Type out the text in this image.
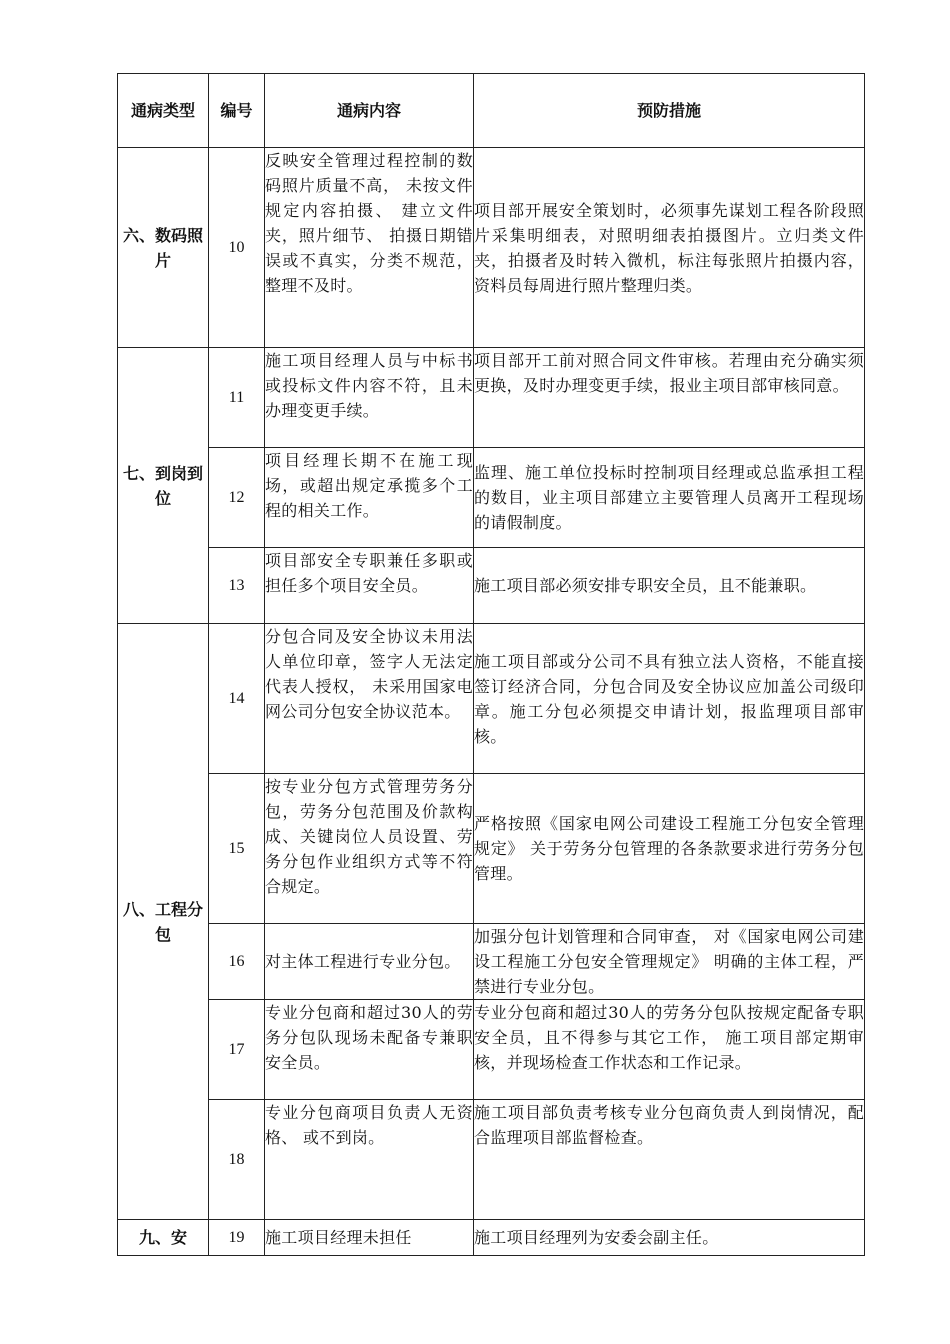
通病类型	编号	通病内容	预防措施
六、数码照片	10	反映安全管理过程控制的数码照片质量不高， 未按文件规定内容拍摄、 建立文件夹，照片细节、 拍摄日期错误或不真实，分类不规范， 整理不及时。	项目部开展安全策划时，必须事先谋划工程各阶段照片采集明细表，对照明细表拍摄图片。立归类文件夹，拍摄者及时转入微机，标注每张照片拍摄内容，资料员每周进行照片整理归类。
七、到岗到位	11	施工项目经理人员与中标书或投标文件内容不符，且未办理变更手续。	项目部开工前对照合同文件审核。若理由充分确实须更换，及时办理变更手续，报业主项目部审核同意。
	12	项目经理长期不在施工现场，或超出规定承揽多个工程的相关工作。	监理、施工单位投标时控制项目经理或总监承担工程的数目，业主项目部建立主要管理人员离开工程现场的请假制度。
	13	项目部安全专职兼任多职或担任多个项目安全员。	施工项目部必须安排专职安全员，且不能兼职。
八、工程分包	14	分包合同及安全协议未用法人单位印章，签字人无法定代表人授权， 未采用国家电网公司分包安全协议范本。	施工项目部或分公司不具有独立法人资格，不能直接签订经济合同，分包合同及安全协议应加盖公司级印章。施工分包必须提交申请计划，报监理项目部审核。
	15	按专业分包方式管理劳务分包，劳务分包范围及价款构成、关键岗位人员设置、劳务分包作业组织方式等不符合规定。	严格按照《国家电网公司建设工程施工分包安全管理规定》 关于劳务分包管理的各条款要求进行劳务分包管理。
	16	对主体工程进行专业分包。	加强分包计划管理和合同审查， 对《国家电网公司建设工程施工分包安全管理规定》 明确的主体工程，严禁进行专业分包。
	17	专业分包商和超过30人的劳务分包队现场未配备专兼职安全员。	专业分包商和超过30人的劳务分包队按规定配备专职安全员，且不得参与其它工作， 施工项目部定期审核，并现场检查工作状态和工作记录。
	18	专业分包商项目负责人无资格、 或不到岗。	施工项目部负责考核专业分包商负责人到岗情况，配合监理项目部监督检查。
九、安	19	施工项目经理未担任	施工项目经理列为安委会副主任。
